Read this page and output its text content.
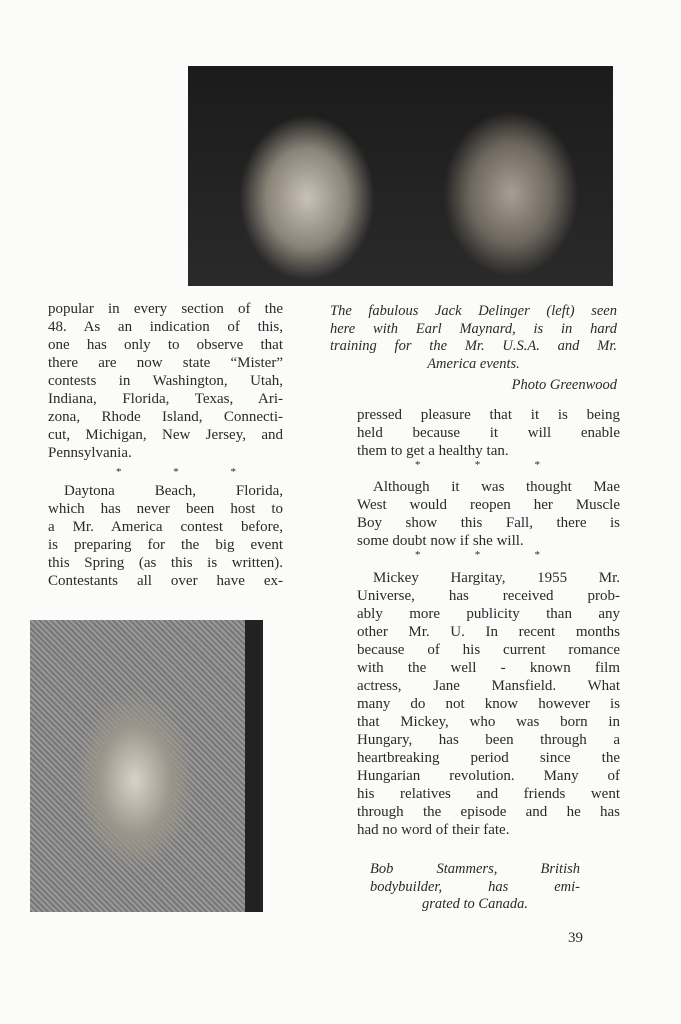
popular in every section of the
48. As an indication of this,
one has only to observe that
there are now state “Mister”
contests in Washington, Utah,
Indiana, Florida, Texas, Ari-
zona, Rhode Island, Connecti-
cut, Michigan, New Jersey, and
Pennsylvania.
*	*	*
Daytona Beach, Florida,
which has never been host to
a Mr. America contest before,
is preparing for the big event
this Spring (as this is written).
Contestants all over have ex-
The fabulous Jack Delinger (left) seen
here with Earl Maynard, is in hard
training for the Mr. U.S.A. and Mr.
America events.
Photo Greenwood
pressed pleasure that it is being
held because it will enable
them to get a healthy tan.
*	*	*
Although it was thought Mae
West would reopen her Muscle
Boy show this Fall, there is
some doubt now if she will.
*	*	*
Mickey Hargitay, 1955 Mr.
Universe, has received prob-
ably more publicity than any
other Mr. U. In recent months
because of his current romance
with the well - known film
actress, Jane Mansfield. What
many do not know however is
that Mickey, who was born in
Hungary, has been through a
heartbreaking period since the
Hungarian revolution. Many of
his relatives and friends went
through the episode and he has
had no word of their fate.
Bob Stammers, British
bodybuilder, has emi-
grated to Canada.
39
